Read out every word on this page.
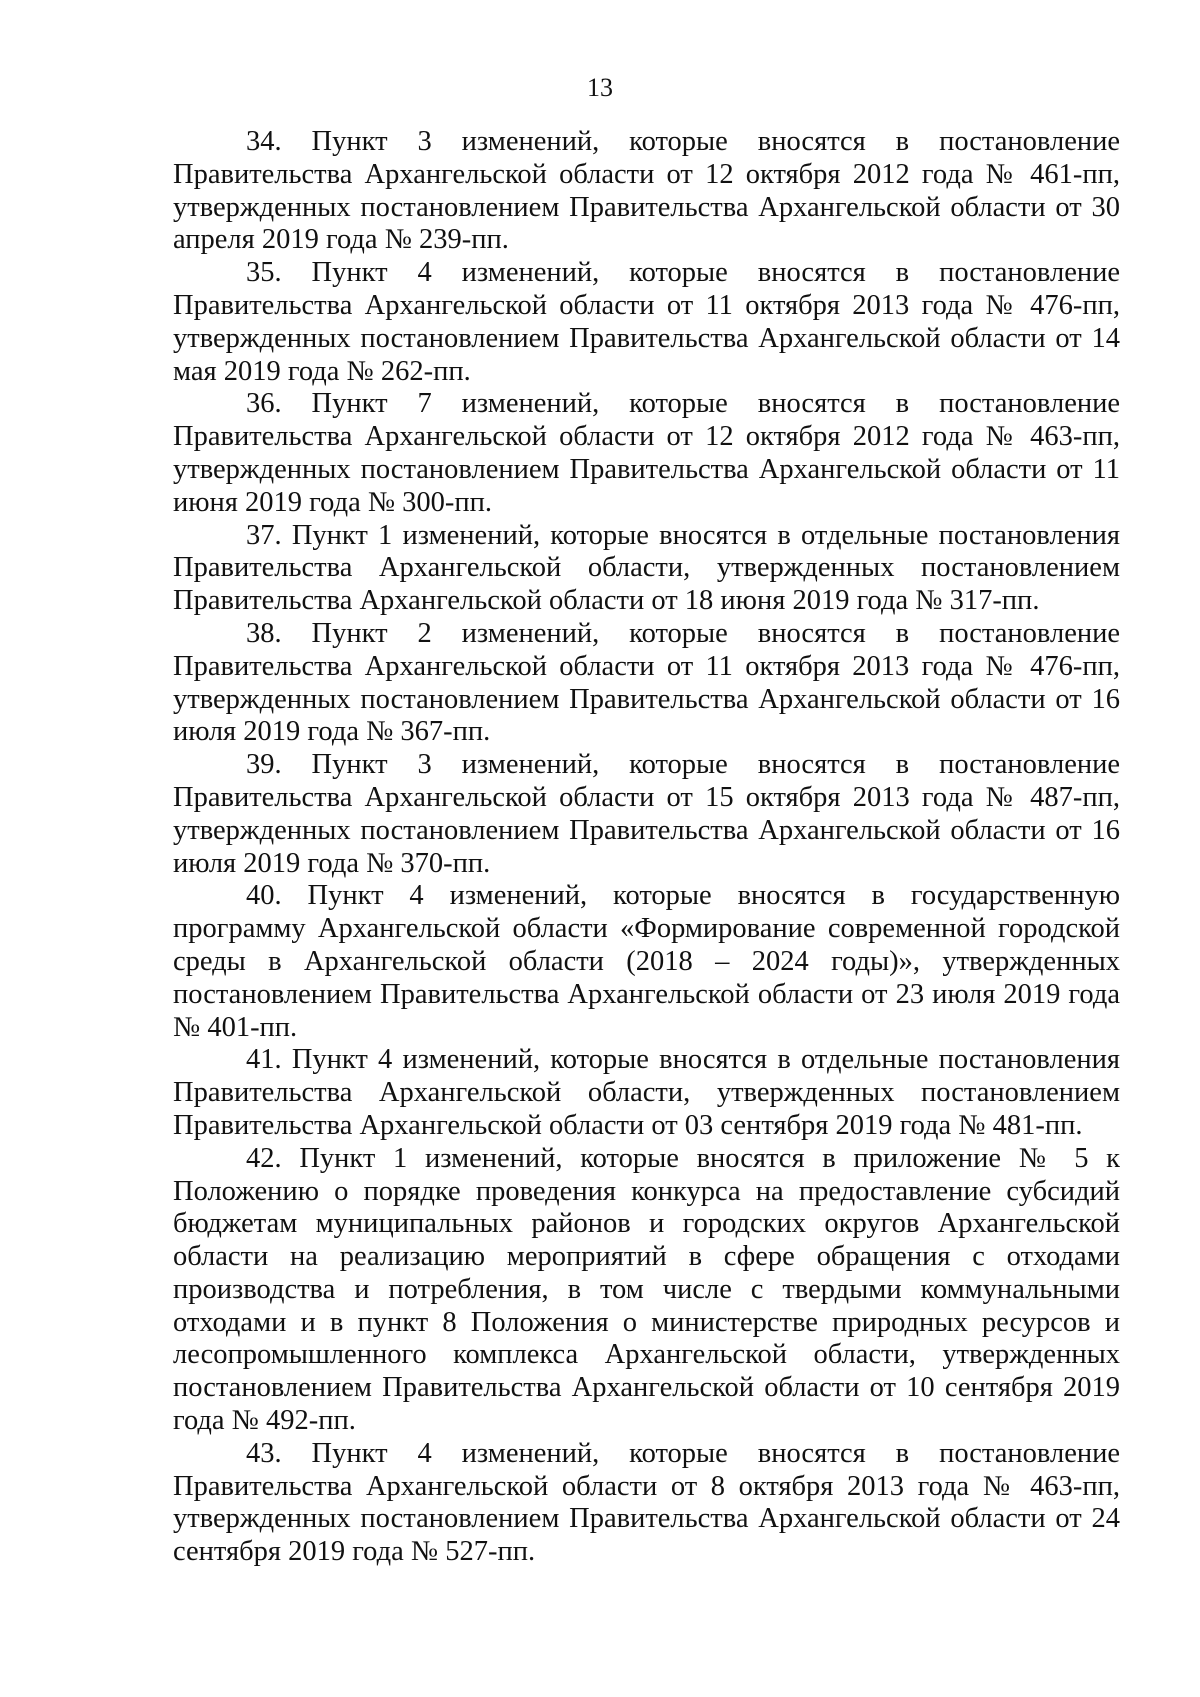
13

34. Пункт 3 изменений, которые вносятся в постановление Правительства Архангельской области от 12 октября 2012 года № 461-пп, утвержденных постановлением Правительства Архангельской области от 30 апреля 2019 года № 239-пп.

35. Пункт 4 изменений, которые вносятся в постановление Правительства Архангельской области от 11 октября 2013 года № 476-пп, утвержденных постановлением Правительства Архангельской области от 14 мая 2019 года № 262-пп.

36. Пункт 7 изменений, которые вносятся в постановление Правительства Архангельской области от 12 октября 2012 года № 463-пп, утвержденных постановлением Правительства Архангельской области от 11 июня 2019 года № 300-пп.

37. Пункт 1 изменений, которые вносятся в отдельные постановления Правительства Архангельской области, утвержденных постановлением Правительства Архангельской области от 18 июня 2019 года № 317-пп.

38. Пункт 2 изменений, которые вносятся в постановление Правительства Архангельской области от 11 октября 2013 года № 476-пп, утвержденных постановлением Правительства Архангельской области от 16 июля 2019 года № 367-пп.

39. Пункт 3 изменений, которые вносятся в постановление Правительства Архангельской области от 15 октября 2013 года № 487-пп, утвержденных постановлением Правительства Архангельской области от 16 июля 2019 года № 370-пп.

40. Пункт 4 изменений, которые вносятся в государственную программу Архангельской области «Формирование современной городской среды в Архангельской области (2018 – 2024 годы)», утвержденных постановлением Правительства Архангельской области от 23 июля 2019 года № 401-пп.

41. Пункт 4 изменений, которые вносятся в отдельные постановления Правительства Архангельской области, утвержденных постановлением Правительства Архангельской области от 03 сентября 2019 года № 481-пп.

42. Пункт 1 изменений, которые вносятся в приложение № 5 к Положению о порядке проведения конкурса на предоставление субсидий бюджетам муниципальных районов и городских округов Архангельской области на реализацию мероприятий в сфере обращения с отходами производства и потребления, в том числе с твердыми коммунальными отходами и в пункт 8 Положения о министерстве природных ресурсов и лесопромышленного комплекса Архангельской области, утвержденных постановлением Правительства Архангельской области от 10 сентября 2019 года № 492-пп.

43. Пункт 4 изменений, которые вносятся в постановление Правительства Архангельской области от 8 октября 2013 года № 463-пп, утвержденных постановлением Правительства Архангельской области от 24 сентября 2019 года № 527-пп.
